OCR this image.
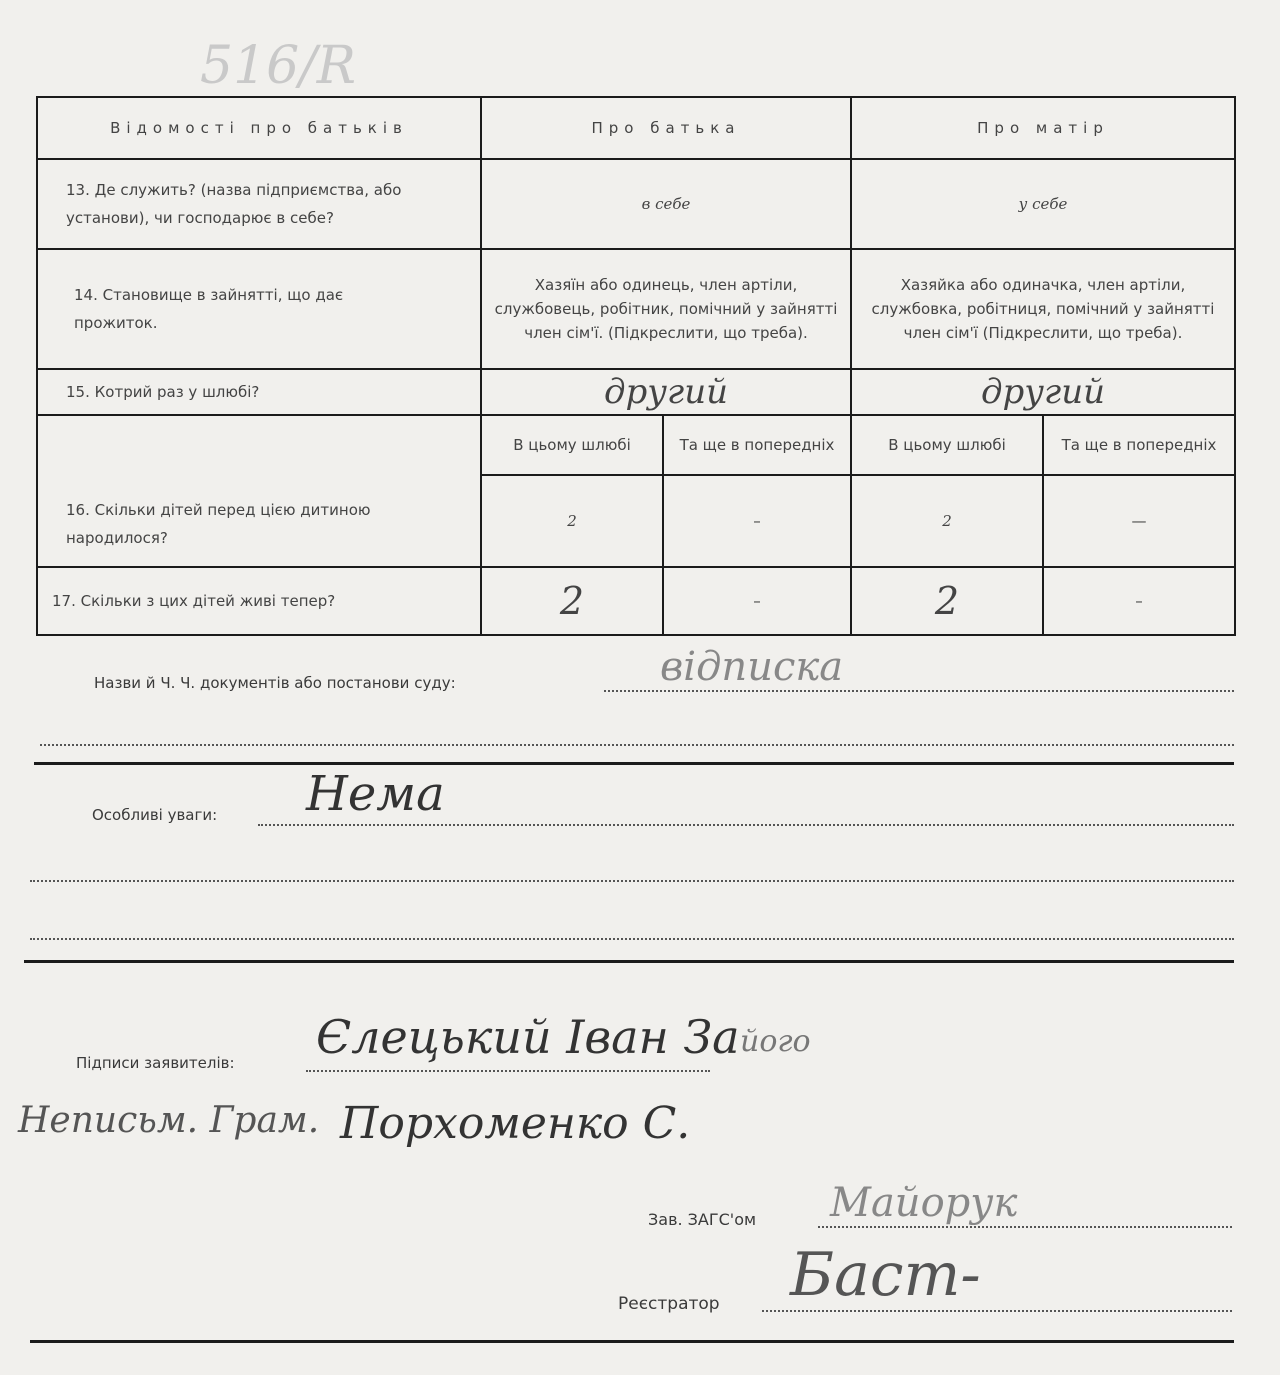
516/R
Відомості про батьків	Про батька		Про матір	
13. Де служить? (назва підприємства, або установи), чи господарює в себе?	в себе		у себе	
14. Становище в зайнятті, що дає прожиток.	Хазяїн або одинець, член артіли, службовець, робітник, помічний у зайнятті член сім'ї. (Підкреслити, що треба).		Хазяйка або одиначка, член артіли, службовка, робітниця, помічний у зайнятті член сім'ї (Підкреслити, що треба).	
15. Котрий раз у шлюбі?	другий		другий	
16. Скільки дітей перед цією дитиною народилося?	В цьому шлюбі	Та ще в попередніх	В цьому шлюбі	Та ще в попередніх
	2	–	2	—
17. Скільки з цих дітей живі тепер?	2	–	2	–
Назви й Ч. Ч. документів або постанови суду:	відписка
Особливі уваги: Нема
Підписи заявителів: Єлецький Іван За його
Неписьм. Грам. Порхоменко С.
Зав. ЗАГС'ом Майорук
Реєстратор Баст-
